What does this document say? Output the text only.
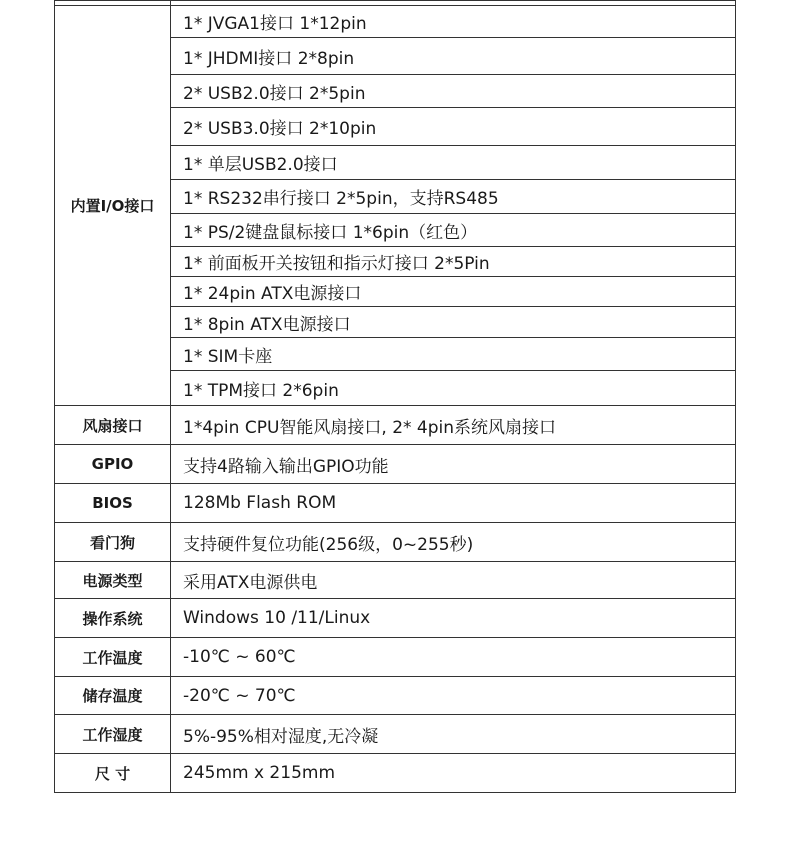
内置I/O接口	1* JVGA1接口 1*12pin
	1* JHDMI接口 2*8pin
	2* USB2.0接口 2*5pin
	2* USB3.0接口 2*10pin
	1* 单层USB2.0接口
	1* RS232串行接口 2*5pin，支持RS485
	1* PS/2键盘鼠标接口 1*6pin（红色）
	1* 前面板开关按钮和指示灯接口 2*5Pin
	1* 24pin ATX电源接口
	1* 8pin ATX电源接口
	1* SIM卡座
	1* TPM接口 2*6pin
风扇接口	1*4pin CPU智能风扇接口, 2* 4pin系统风扇接口
GPIO	支持4路输入输出GPIO功能
BIOS	128Mb Flash ROM
看门狗	支持硬件复位功能(256级，0~255秒)
电源类型	采用ATX电源供电
操作系统	Windows 10 /11/Linux
工作温度	-10℃ ~ 60℃
储存温度	-20℃ ~ 70℃
工作湿度	5%-95%相对湿度,无冷凝
尺 寸	245mm x 215mm
